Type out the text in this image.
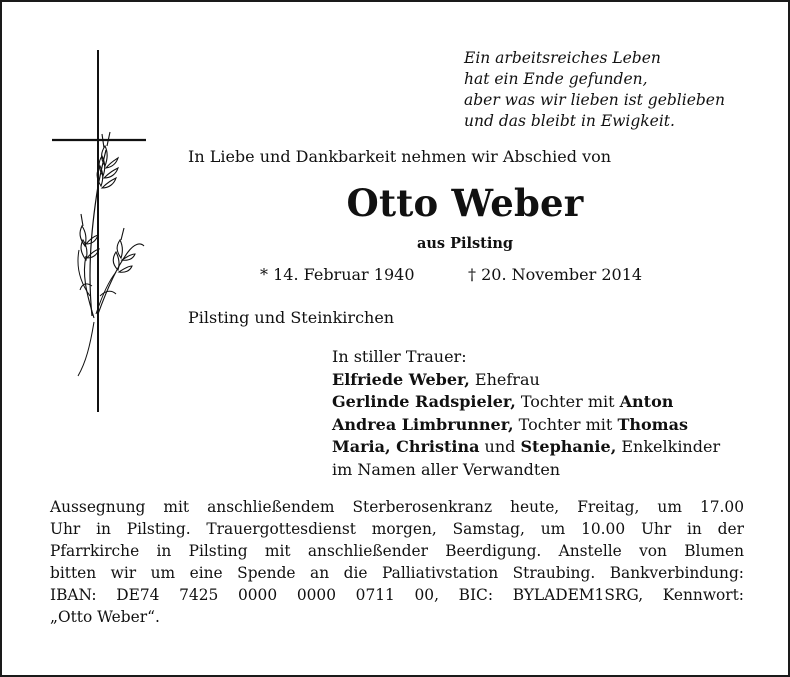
Ein arbeitsreiches Leben
hat ein Ende gefunden,
aber was wir lieben ist geblieben
und das bleibt in Ewigkeit.
In Liebe und Dankbarkeit nehmen wir Abschied von
Otto Weber
aus Pilsting
* 14. Februar 1940	† 20. November 2014
Pilsting und Steinkirchen
In stiller Trauer:
Elfriede Weber, Ehefrau
Gerlinde Radspieler, Tochter mit Anton
Andrea Limbrunner, Tochter mit Thomas
Maria, Christina und Stephanie, Enkelkinder
im Namen aller Verwandten
Aussegnung mit anschließendem Sterberosenkranz heute, Freitag, um 17.00
Uhr in Pilsting. Trauergottesdienst morgen, Samstag, um 10.00 Uhr in der
Pfarrkirche in Pilsting mit anschließender Beerdigung. Anstelle von Blumen
bitten wir um eine Spende an die Palliativstation Straubing. Bankverbindung:
IBAN: DE74 7425 0000 0000 0711 00, BIC: BYLADEM1SRG, Kennwort:
„Otto Weber“.
